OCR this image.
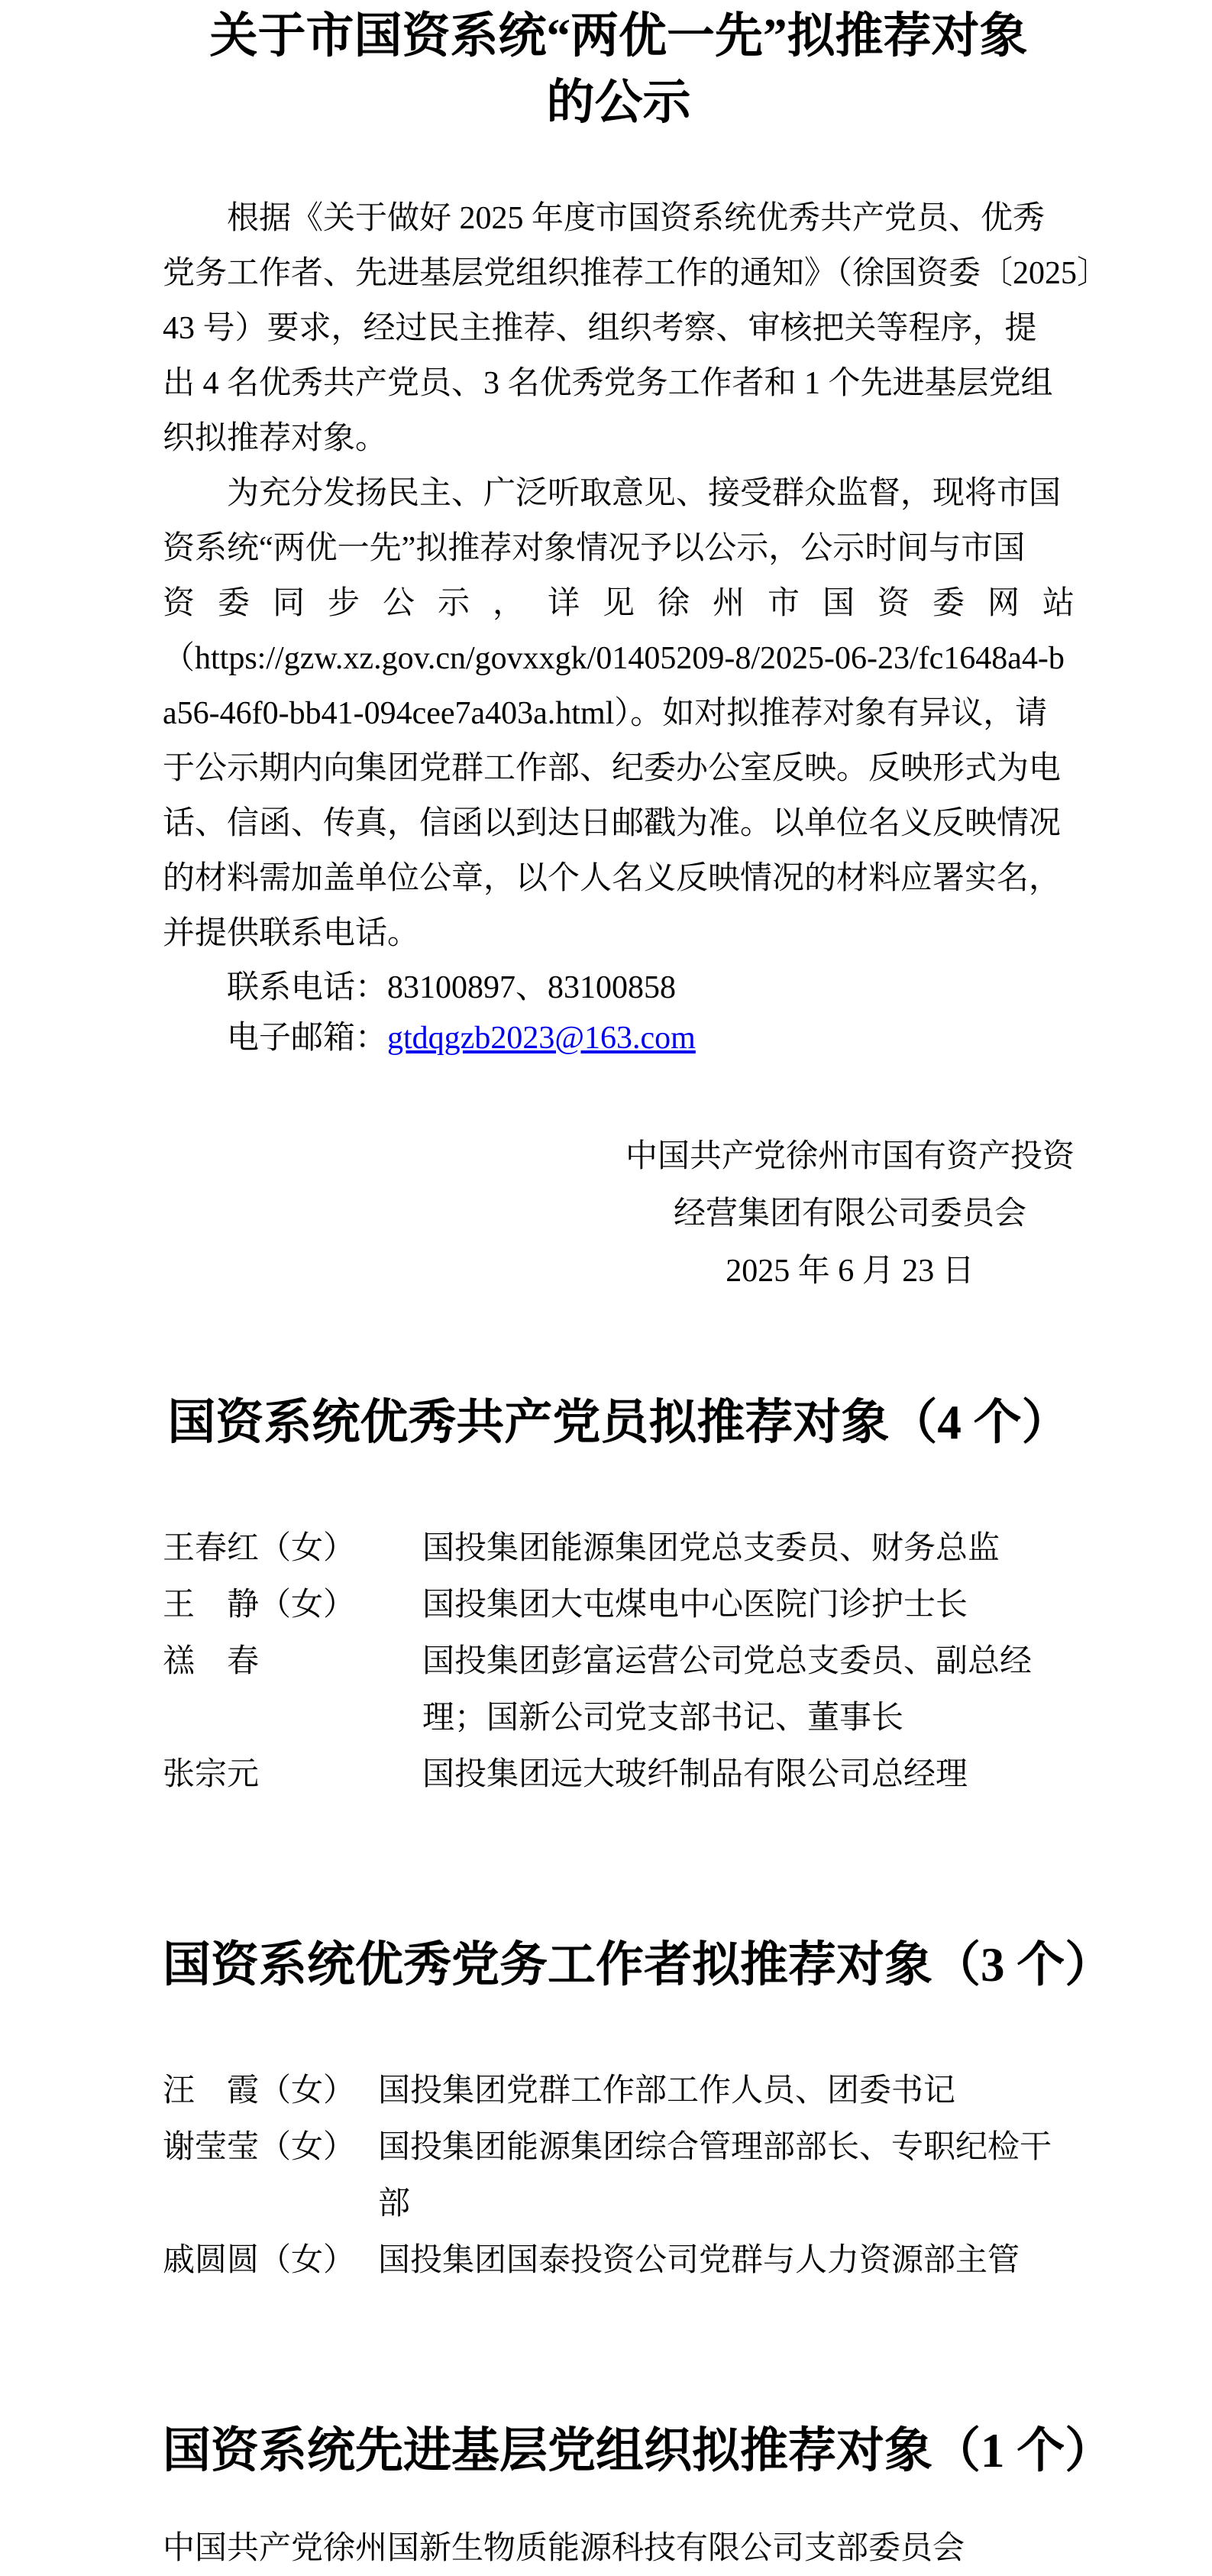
关于市国资系统“两优一先”拟推荐对象
的公示
根据《关于做好 2025 年度市国资系统优秀共产党员、优秀
党务工作者、先进基层党组织推荐工作的通知》（徐国资委〔2025〕
43 号）要求，经过民主推荐、组织考察、审核把关等程序，提
出 4 名优秀共产党员、3 名优秀党务工作者和 1 个先进基层党组
织拟推荐对象。
为充分发扬民主、广泛听取意见、接受群众监督，现将市国
资系统“两优一先”拟推荐对象情况予以公示，公示时间与市国
资委同步公示，详见徐州市国资委网站
（https://gzw.xz.gov.cn/govxxgk/01405209-8/2025-06-23/fc1648a4-b
a56-46f0-bb41-094cee7a403a.html）。如对拟推荐对象有异议，请
于公示期内向集团党群工作部、纪委办公室反映。反映形式为电
话、信函、传真，信函以到达日邮戳为准。以单位名义反映情况
的材料需加盖单位公章，以个人名义反映情况的材料应署实名，
并提供联系电话。
联系电话：83100897、83100858
电子邮箱：gtdqgzb2023@163.com
中国共产党徐州市国有资产投资
经营集团有限公司委员会
2025 年 6 月 23 日
国资系统优秀共产党员拟推荐对象（4 个）
王春红（女）	国投集团能源集团党总支委员、财务总监
王　静（女）	国投集团大屯煤电中心医院门诊护士长
禚　春	国投集团彭富运营公司党总支委员、副总经理；国新公司党支部书记、董事长
张宗元	国投集团远大玻纤制品有限公司总经理
国资系统优秀党务工作者拟推荐对象（3 个）
汪　霞（女） 国投集团党群工作部工作人员、团委书记
谢莹莹（女） 国投集团能源集团综合管理部部长、专职纪检干部
戚圆圆（女） 国投集团国泰投资公司党群与人力资源部主管
国资系统先进基层党组织拟推荐对象（1 个）
中国共产党徐州国新生物质能源科技有限公司支部委员会
